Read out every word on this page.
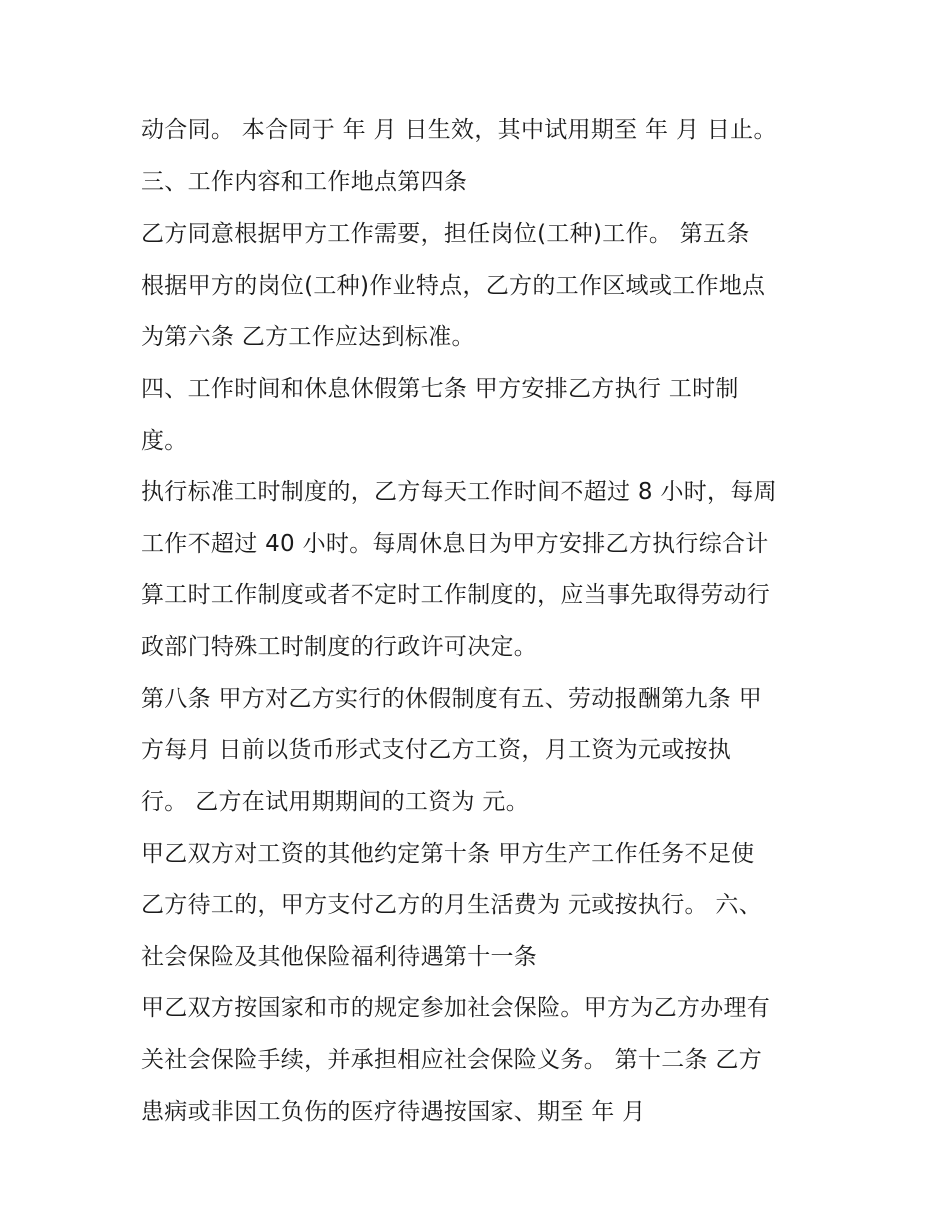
动合同。 本合同于 年 月 日生效，其中试用期至 年 月 日止。
三、工作内容和工作地点第四条
乙方同意根据甲方工作需要，担任岗位(工种)工作。 第五条
根据甲方的岗位(工种)作业特点，乙方的工作区域或工作地点
为第六条 乙方工作应达到标准。
四、工作时间和休息休假第七条 甲方安排乙方执行 工时制
度。
执行标准工时制度的，乙方每天工作时间不超过 8 小时，每周
工作不超过 40 小时。每周休息日为甲方安排乙方执行综合计
算工时工作制度或者不定时工作制度的，应当事先取得劳动行
政部门特殊工时制度的行政许可决定。
第八条 甲方对乙方实行的休假制度有五、劳动报酬第九条 甲
方每月 日前以货币形式支付乙方工资，月工资为元或按执
行。 乙方在试用期期间的工资为 元。
甲乙双方对工资的其他约定第十条 甲方生产工作任务不足使
乙方待工的，甲方支付乙方的月生活费为 元或按执行。 六、
社会保险及其他保险福利待遇第十一条
甲乙双方按国家和市的规定参加社会保险。甲方为乙方办理有
关社会保险手续，并承担相应社会保险义务。 第十二条 乙方
患病或非因工负伤的医疗待遇按国家、期至 年 月
